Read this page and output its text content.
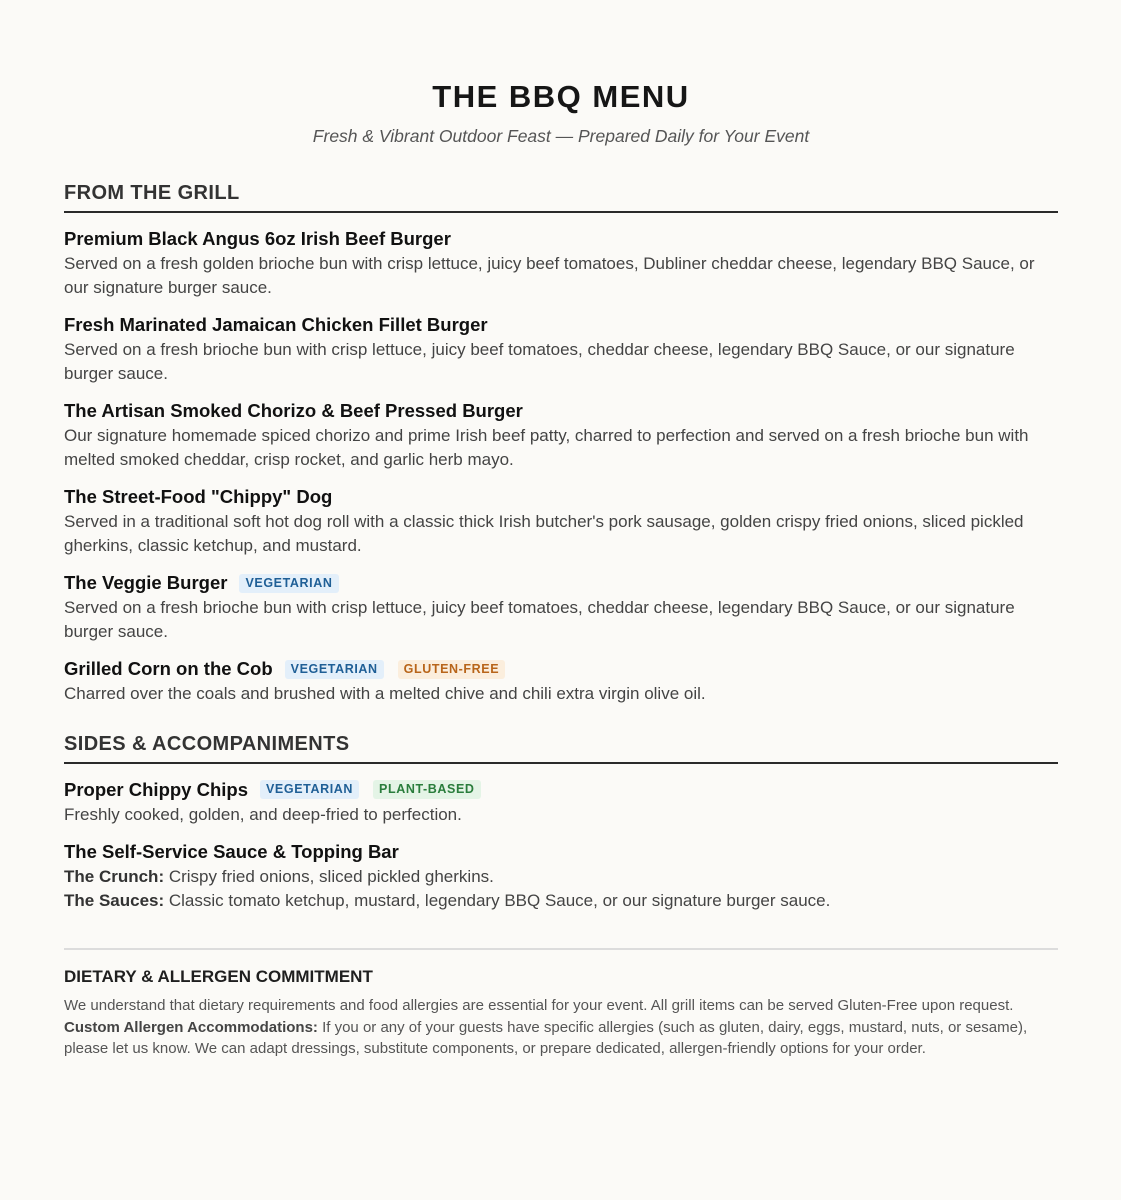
THE BBQ MENU
Fresh & Vibrant Outdoor Feast — Prepared Daily for Your Event
FROM THE GRILL
Premium Black Angus 6oz Irish Beef Burger
Served on a fresh golden brioche bun with crisp lettuce, juicy beef tomatoes, Dubliner cheddar cheese, legendary BBQ Sauce, or our signature burger sauce.
Fresh Marinated Jamaican Chicken Fillet Burger
Served on a fresh brioche bun with crisp lettuce, juicy beef tomatoes, cheddar cheese, legendary BBQ Sauce, or our signature burger sauce.
The Artisan Smoked Chorizo & Beef Pressed Burger
Our signature homemade spiced chorizo and prime Irish beef patty, charred to perfection and served on a fresh brioche bun with melted smoked cheddar, crisp rocket, and garlic herb mayo.
The Street-Food "Chippy" Dog
Served in a traditional soft hot dog roll with a classic thick Irish butcher's pork sausage, golden crispy fried onions, sliced pickled gherkins, classic ketchup, and mustard.
The Veggie Burger	VEGETARIAN
Served on a fresh brioche bun with crisp lettuce, juicy beef tomatoes, cheddar cheese, legendary BBQ Sauce, or our signature burger sauce.
Grilled Corn on the Cob	VEGETARIAN	GLUTEN-FREE
Charred over the coals and brushed with a melted chive and chili extra virgin olive oil.
SIDES & ACCOMPANIMENTS
Proper Chippy Chips	VEGETARIAN	PLANT-BASED
Freshly cooked, golden, and deep-fried to perfection.
The Self-Service Sauce & Topping Bar
The Crunch: Crispy fried onions, sliced pickled gherkins.
The Sauces: Classic tomato ketchup, mustard, legendary BBQ Sauce, or our signature burger sauce.
DIETARY & ALLERGEN COMMITMENT
We understand that dietary requirements and food allergies are essential for your event. All grill items can be served Gluten-Free upon request.
Custom Allergen Accommodations: If you or any of your guests have specific allergies (such as gluten, dairy, eggs, mustard, nuts, or sesame), please let us know. We can adapt dressings, substitute components, or prepare dedicated, allergen-friendly options for your order.
